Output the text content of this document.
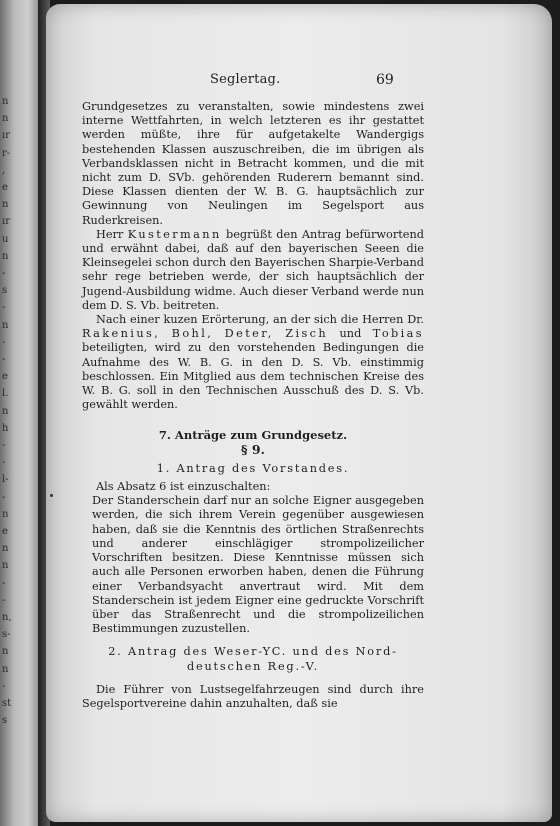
n
n
ır
r-
,
e
n
ır
u
n
-
s
-
n
-
-
e
l.
n
h
-
-
l-
-
n
e
n
n
-
-
n,
s-
n
n
-
st
s
Seglertag.	69

Grundgesetzes zu veranstalten, sowie mindestens zwei interne Wettfahrten, in welch letzteren es ihr gestattet werden müßte, ihre für aufgetakelte Wandergigs bestehenden Klassen auszuschreiben, die im übrigen als Verbandsklassen nicht in Betracht kommen, und die mit nicht zum D. SVb. gehörenden Ruderern bemannt sind. Diese Klassen dienten der W. B. G. hauptsächlich zur Gewinnung von Neulingen im Segelsport aus Ruderkreisen.

Herr Kustermann begrüßt den Antrag befürwortend und erwähnt dabei, daß auf den bayerischen Seeen die Kleinsegelei schon durch den Bayerischen Sharpie-Verband sehr rege betrieben werde, der sich hauptsächlich der Jugend-Ausbildung widme. Auch dieser Verband werde nun dem D. S. Vb. beitreten.

Nach einer kuzen Erörterung, an der sich die Herren Dr. Rakenius, Bohl, Deter, Zisch und Tobias beteiligten, wird zu den vorstehenden Bedingungen die Aufnahme des W. B. G. in den D. S. Vb. einstimmig beschlossen. Ein Mitglied aus dem technischen Kreise des W. B. G. soll in den Technischen Ausschuß des D. S. Vb. gewählt werden.

7. Anträge zum Grundgesetz.

§ 9.

1. Antrag des Vorstandes.

Als Absatz 6 ist einzuschalten:

Der Standerschein darf nur an solche Eigner ausgegeben werden, die sich ihrem Verein gegenüber ausgewiesen haben, daß sie die Kenntnis des örtlichen Straßenrechts und anderer einschlägiger strompolizeilicher Vorschriften besitzen. Diese Kenntnisse müssen sich auch alle Personen erworben haben, denen die Führung einer Verbandsyacht anvertraut wird. Mit dem Standerschein ist jedem Eigner eine gedruckte Vorschrift über das Straßenrecht und die strompolizeilichen Bestimmungen zuzustellen.

2. Antrag des Weser-YC. und des Nord-

deutschen Reg.-V.

Die Führer von Lustsegelfahrzeugen sind durch ihre Segelsportvereine dahin anzuhalten, daß sie
